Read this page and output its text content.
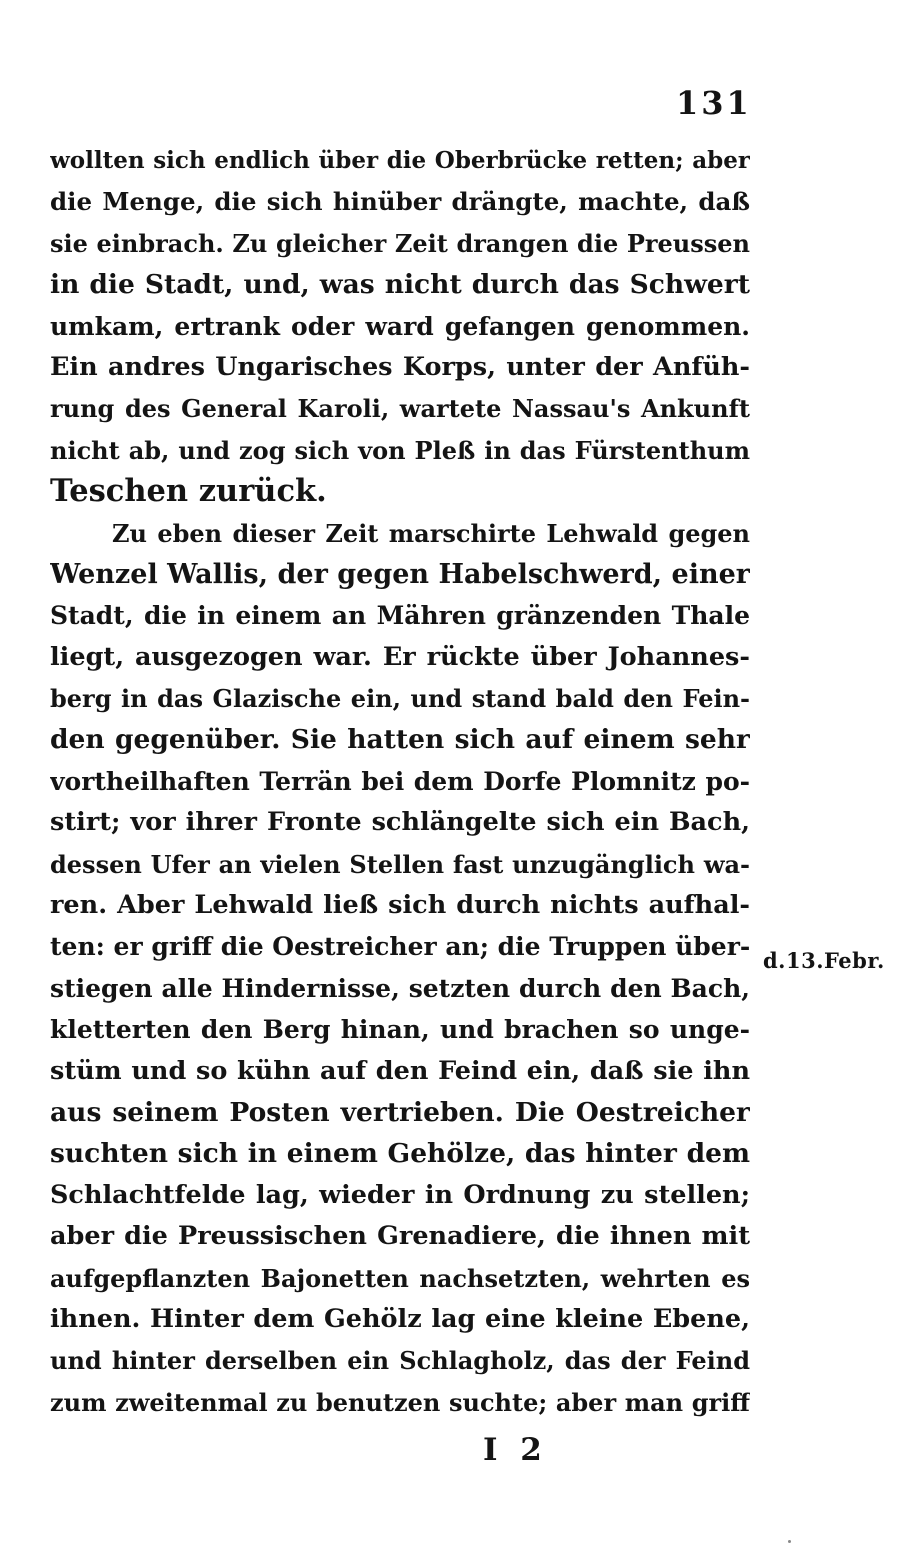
131
wollten sich endlich über die Oberbrücke retten; aber
die Menge, die sich hinüber drängte, machte, daß
sie einbrach. Zu gleicher Zeit drangen die Preussen
in die Stadt, und, was nicht durch das Schwert
umkam, ertrank oder ward gefangen genommen.
Ein andres Ungarisches Korps, unter der Anfüh-
rung des General Karoli, wartete Nassau's Ankunft
nicht ab, und zog sich von Pleß in das Fürstenthum
Teschen zurück.
Zu eben dieser Zeit marschirte Lehwald gegen
Wenzel Wallis, der gegen Habelschwerd, einer
Stadt, die in einem an Mähren gränzenden Thale
liegt, ausgezogen war. Er rückte über Johannes-
berg in das Glazische ein, und stand bald den Fein-
den gegenüber. Sie hatten sich auf einem sehr
vortheilhaften Terrän bei dem Dorfe Plomnitz po-
stirt; vor ihrer Fronte schlängelte sich ein Bach,
dessen Ufer an vielen Stellen fast unzugänglich wa-
ren. Aber Lehwald ließ sich durch nichts aufhal-
ten: er griff die Oestreicher an; die Truppen über-
stiegen alle Hindernisse, setzten durch den Bach,
kletterten den Berg hinan, und brachen so unge-
stüm und so kühn auf den Feind ein, daß sie ihn
aus seinem Posten vertrieben. Die Oestreicher
suchten sich in einem Gehölze, das hinter dem
Schlachtfelde lag, wieder in Ordnung zu stellen;
aber die Preussischen Grenadiere, die ihnen mit
aufgepflanzten Bajonetten nachsetzten, wehrten es
ihnen. Hinter dem Gehölz lag eine kleine Ebene,
und hinter derselben ein Schlagholz, das der Feind
zum zweitenmal zu benutzen suchte; aber man griff
d.13.Febr.
I 2
